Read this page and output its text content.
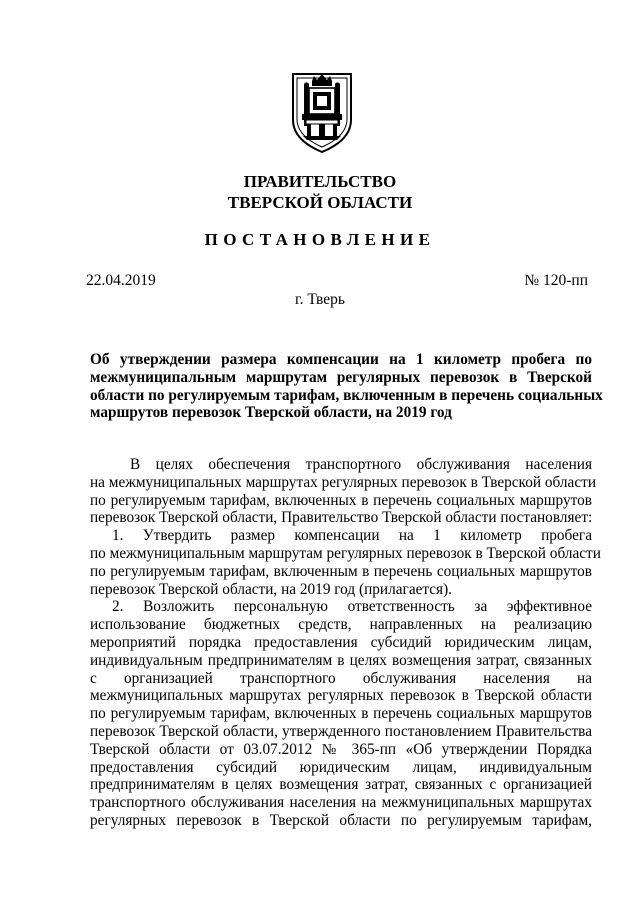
ПРАВИТЕЛЬСТВО
ТВЕРСКОЙ ОБЛАСТИ
ПОСТАНОВЛЕНИЕ
22.04.2019	№ 120-пп
г. Тверь
Об утверждении размера компенсации на 1 километр пробега по
межмуниципальным маршрутам регулярных перевозок в Тверской
области по регулируемым тарифам, включенным в перечень социальных
маршрутов перевозок Тверской области, на 2019 год
В целях обеспечения транспортного обслуживания населения
на межмуниципальных маршрутах регулярных перевозок в Тверской области
по регулируемым тарифам, включенных в перечень социальных маршрутов
перевозок Тверской области, Правительство Тверской области постановляет:
1. Утвердить размер компенсации на 1 километр пробега
по межмуниципальным маршрутам регулярных перевозок в Тверской области
по регулируемым тарифам, включенным в перечень социальных маршрутов
перевозок Тверской области, на 2019 год (прилагается).
2. Возложить персональную ответственность за эффективное
использование бюджетных средств, направленных на реализацию
мероприятий порядка предоставления субсидий юридическим лицам,
индивидуальным предпринимателям в целях возмещения затрат, связанных
с организацией транспортного обслуживания населения на
межмуниципальных маршрутах регулярных перевозок в Тверской области
по регулируемым тарифам, включенных в перечень социальных маршрутов
перевозок Тверской области, утвержденного постановлением Правительства
Тверской области от 03.07.2012 № 365-пп «Об утверждении Порядка
предоставления субсидий юридическим лицам, индивидуальным
предпринимателям в целях возмещения затрат, связанных с организацией
транспортного обслуживания населения на межмуниципальных маршрутах
регулярных перевозок в Тверской области по регулируемым тарифам,
